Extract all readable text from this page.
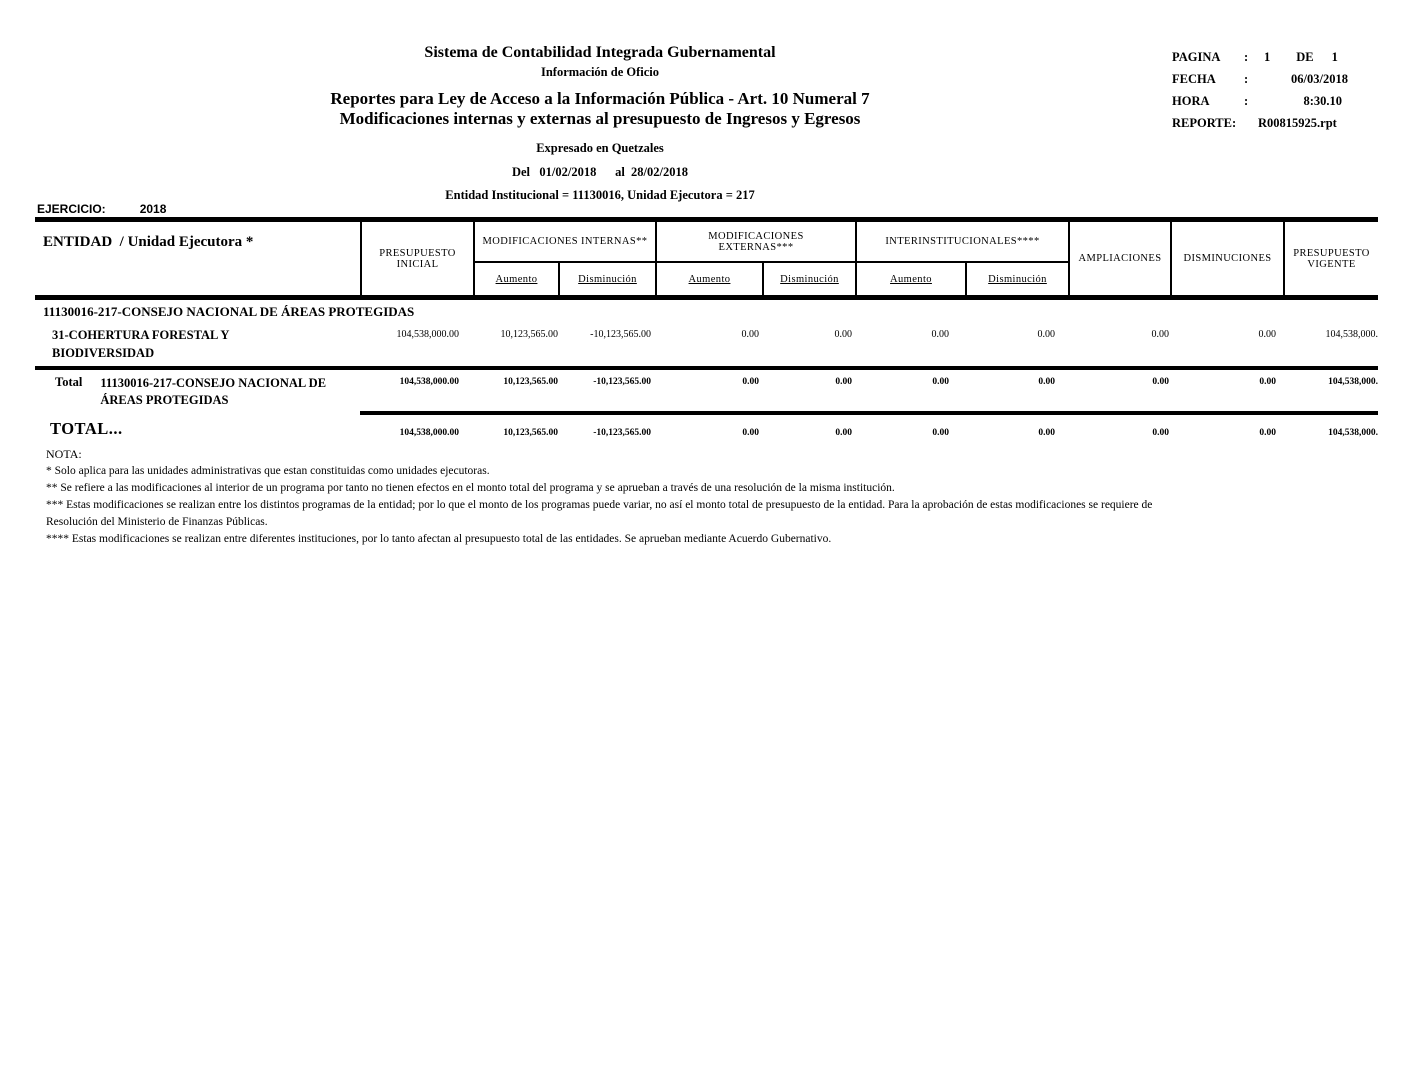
Sistema de Contabilidad Integrada Gubernamental
Información de Oficio
Reportes para Ley de Acceso a la Información Pública - Art. 10 Numeral 7
Modificaciones internas y externas al presupuesto de Ingresos y Egresos
Expresado en Quetzales
Del   01/02/2018      al  28/02/2018
Entidad Institucional = 11130016, Unidad Ejecutora = 217
PAGINA	:	1 DE 1
FECHA	:	06/03/2018
HORA	:	8:30.10
REPORTE:	R00815925.rpt
EJERCICIO:	2018
ENTIDAD  / Unidad Ejecutora *
PRESUPUESTO INICIAL
MODIFICACIONES INTERNAS**	MODIFICACIONES EXTERNAS***	INTERINSTITUCIONALES****
AMPLIACIONES DISMINUCIONES	PRESUPUESTO VIGENTE
Aumento	Disminución	Aumento	Disminución	Aumento	Disminución
11130016-217-CONSEJO NACIONAL DE ÁREAS PROTEGIDAS
31-COHERTURA FORESTAL Y BIODIVERSIDAD
104,538,000.00	10,123,565.00	-10,123,565.00	0.00	0.00	0.00	0.00	0.00	0.00	104,538,000.
Total 11130016-217-CONSEJO NACIONAL DE ÁREAS PROTEGIDAS
104,538,000.00	10,123,565.00	-10,123,565.00	0.00	0.00	0.00	0.00	0.00	0.00	104,538,000.
TOTAL...	104,538,000.00	10,123,565.00	-10,123,565.00	0.00	0.00	0.00	0.00	0.00	0.00	104,538,000.
NOTA:
* Solo aplica para las unidades administrativas que estan constituidas como unidades ejecutoras.
** Se refiere a las modificaciones al interior de un programa por tanto no tienen efectos en el monto total del programa y se aprueban a través de una resolución de la misma institución.
*** Estas modificaciones se realizan entre los distintos programas de la entidad; por lo que el monto de los programas puede variar, no así el monto total de presupuesto de la entidad. Para la aprobación de estas modificaciones se requiere de Resolución del Ministerio de Finanzas Públicas.
**** Estas modificaciones se realizan entre diferentes instituciones, por lo tanto afectan al presupuesto total de las entidades. Se aprueban mediante Acuerdo Gubernativo.
